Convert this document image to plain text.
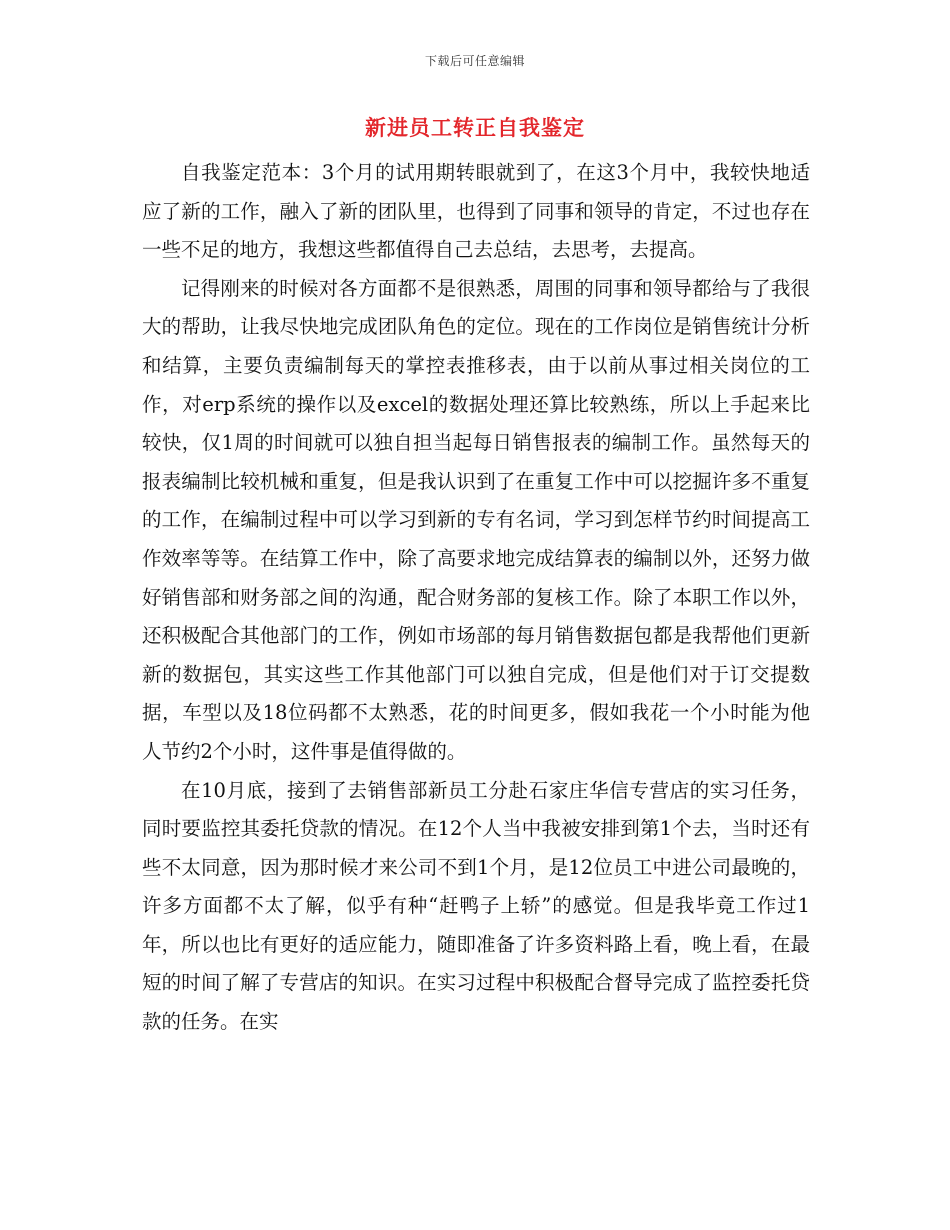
下载后可任意编辑
新进员工转正自我鉴定

自我鉴定范本：3个月的试用期转眼就到了，在这3个月中，我较快地适应了新的工作，融入了新的团队里，也得到了同事和领导的肯定，不过也存在一些不足的地方，我想这些都值得自己去总结，去思考，去提高。

记得刚来的时候对各方面都不是很熟悉，周围的同事和领导都给与了我很大的帮助，让我尽快地完成团队角色的定位。现在的工作岗位是销售统计分析和结算，主要负责编制每天的掌控表推移表，由于以前从事过相关岗位的工作，对erp系统的操作以及excel的数据处理还算比较熟练，所以上手起来比较快，仅1周的时间就可以独自担当起每日销售报表的编制工作。虽然每天的报表编制比较机械和重复，但是我认识到了在重复工作中可以挖掘许多不重复的工作，在编制过程中可以学习到新的专有名词，学习到怎样节约时间提高工作效率等等。在结算工作中，除了高要求地完成结算表的编制以外，还努力做好销售部和财务部之间的沟通，配合财务部的复核工作。除了本职工作以外，还积极配合其他部门的工作，例如市场部的每月销售数据包都是我帮他们更新新的数据包，其实这些工作其他部门可以独自完成，但是他们对于订交提数据，车型以及18位码都不太熟悉，花的时间更多，假如我花一个小时能为他人节约2个小时，这件事是值得做的。

在10月底，接到了去销售部新员工分赴石家庄华信专营店的实习任务，同时要监控其委托贷款的情况。在12个人当中我被安排到第1个去，当时还有些不太同意，因为那时候才来公司不到1个月，是12位员工中进公司最晚的，许多方面都不太了解，似乎有种“赶鸭子上轿”的感觉。但是我毕竟工作过1年，所以也比有更好的适应能力，随即准备了许多资料路上看，晚上看，在最短的时间了解了专营店的知识。在实习过程中积极配合督导完成了监控委托贷款的任务。在实
